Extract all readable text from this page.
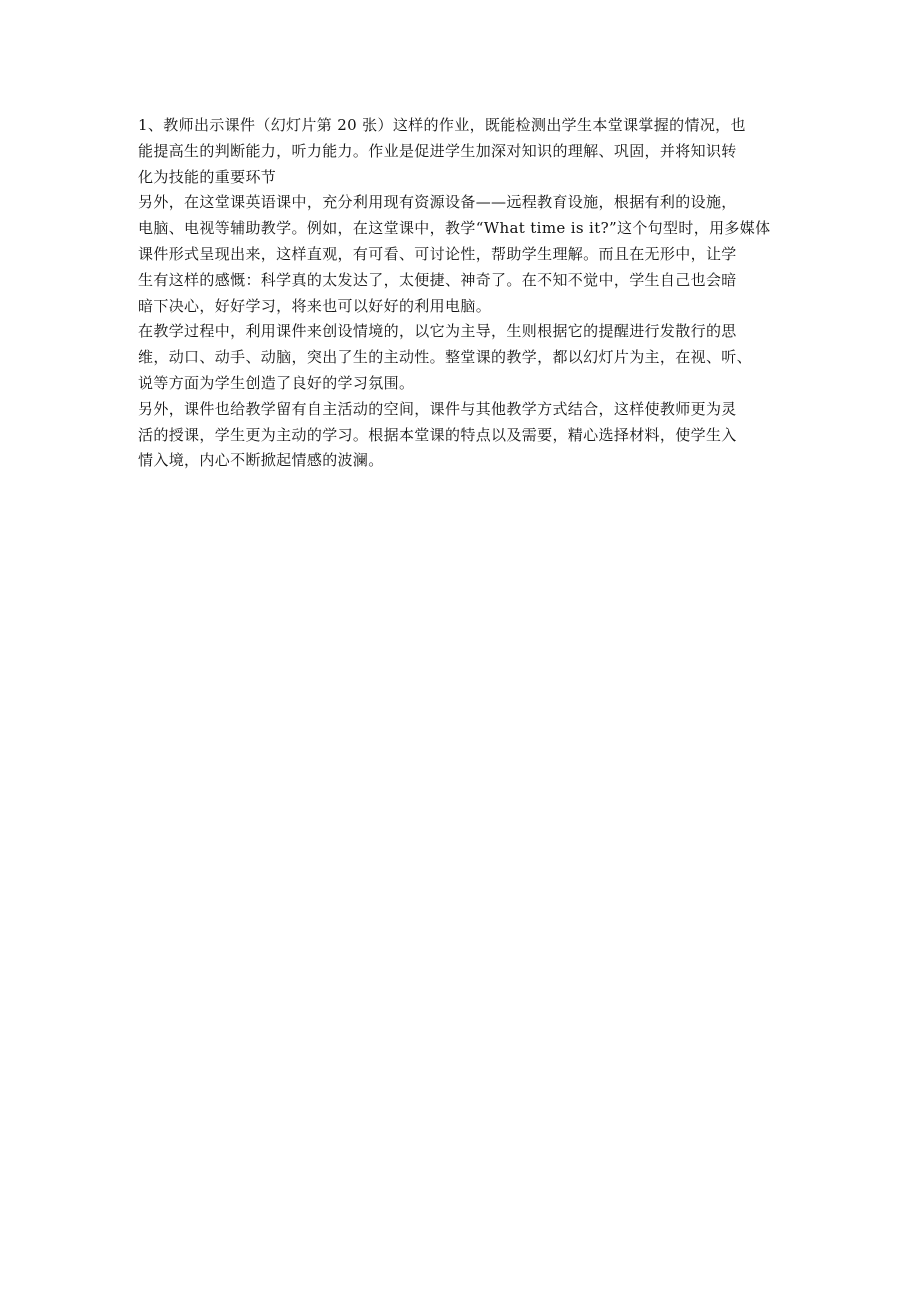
1、教师出示课件（幻灯片第 20 张）这样的作业，既能检测出学生本堂课掌握的情况，也
能提高生的判断能力，听力能力。作业是促进学生加深对知识的理解、巩固，并将知识转
化为技能的重要环节
另外，在这堂课英语课中，充分利用现有资源设备——远程教育设施，根据有利的设施，
电脑、电视等辅助教学。例如，在这堂课中，教学“What time is it?”这个句型时，用多媒体
课件形式呈现出来，这样直观，有可看、可讨论性，帮助学生理解。而且在无形中，让学
生有这样的感慨：科学真的太发达了，太便捷、神奇了。在不知不觉中，学生自己也会暗
暗下决心，好好学习，将来也可以好好的利用电脑。
在教学过程中，利用课件来创设情境的，以它为主导，生则根据它的提醒进行发散行的思
维，动口、动手、动脑，突出了生的主动性。整堂课的教学，都以幻灯片为主，在视、听、
说等方面为学生创造了良好的学习氛围。
另外，课件也给教学留有自主活动的空间，课件与其他教学方式结合，这样使教师更为灵
活的授课，学生更为主动的学习。根据本堂课的特点以及需要，精心选择材料，使学生入
情入境，内心不断掀起情感的波澜。
